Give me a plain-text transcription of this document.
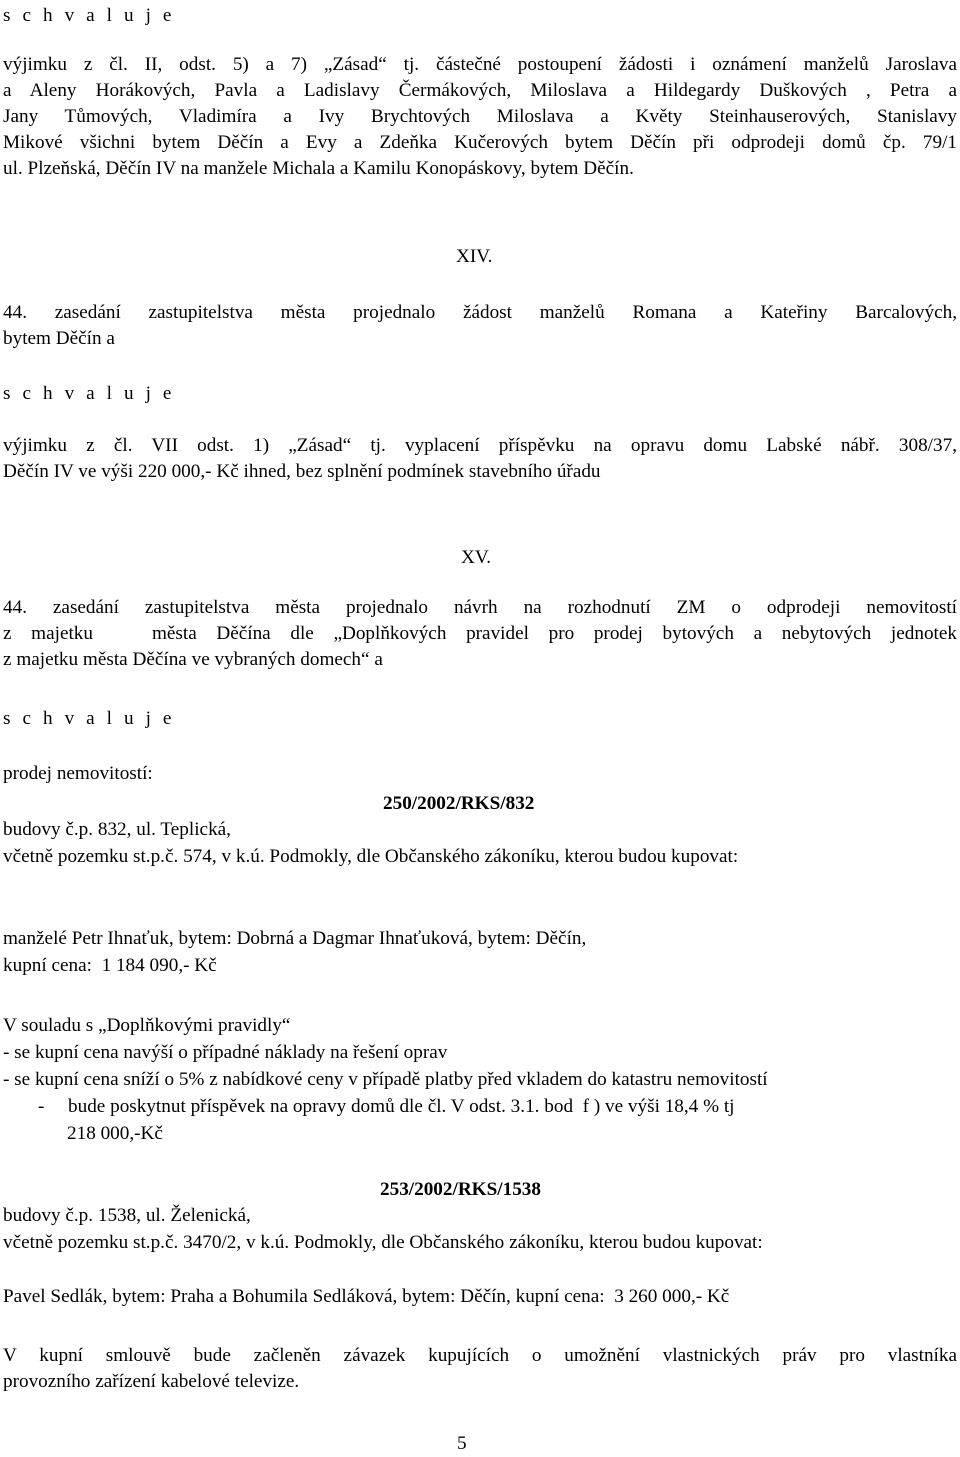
s c h v a l u j e

výjimku z čl. II, odst. 5) a 7) „Zásad“ tj. částečné postoupení žádosti i oznámení manželů Jaroslava
a Aleny Horákových, Pavla a Ladislavy Čermákových, Miloslava a Hildegardy Duškových , Petra a
Jany Tůmových, Vladimíra a Ivy Brychtových Miloslava a Květy Steinhauserových, Stanislavy
Mikové všichni bytem Děčín a Evy a Zdeňka Kučerových bytem Děčín při odprodeji domů čp. 79/1
ul. Plzeňská, Děčín IV na manžele Michala a Kamilu Konopáskovy, bytem Děčín.

XIV.

44. zasedání zastupitelstva města projednalo žádost manželů Romana a Kateřiny Barcalových,
bytem Děčín a

s c h v a l u j e

výjimku z čl. VII odst. 1) „Zásad“ tj. vyplacení příspěvku na opravu domu Labské nábř. 308/37,
Děčín IV ve výši 220 000,- Kč ihned, bez splnění podmínek stavebního úřadu

XV.

44. zasedání zastupitelstva města projednalo návrh na rozhodnutí ZM o odprodeji nemovitostí
z majetku   města Děčína dle „Doplňkových pravidel pro prodej bytových a nebytových jednotek
z majetku města Děčína ve vybraných domech“ a

s c h v a l u j e

prodej nemovitostí:

250/2002/RKS/832

budovy č.p. 832, ul. Teplická,

včetně pozemku st.p.č. 574, v k.ú. Podmokly, dle Občanského zákoníku, kterou budou kupovat:

manželé Petr Ihnaťuk, bytem: Dobrná a Dagmar Ihnaťuková, bytem: Děčín,

kupní cena:  1 184 090,- Kč

V souladu s „Doplňkovými pravidly“

- se kupní cena navýší o případné náklady na řešení oprav

- se kupní cena sníží o 5% z nabídkové ceny v případě platby před vkladem do katastru nemovitostí

- bude poskytnut příspěvek na opravy domů dle čl. V odst. 3.1. bod  f ) ve výši 18,4 % tj

218 000,-Kč

253/2002/RKS/1538

budovy č.p. 1538, ul. Želenická,

včetně pozemku st.p.č. 3470/2, v k.ú. Podmokly, dle Občanského zákoníku, kterou budou kupovat:

Pavel Sedlák, bytem: Praha a Bohumila Sedláková, bytem: Děčín, kupní cena:  3 260 000,- Kč

V kupní smlouvě bude začleněn závazek kupujících o umožnění vlastnických práv pro vlastníka
provozního zařízení kabelové televize.

5
